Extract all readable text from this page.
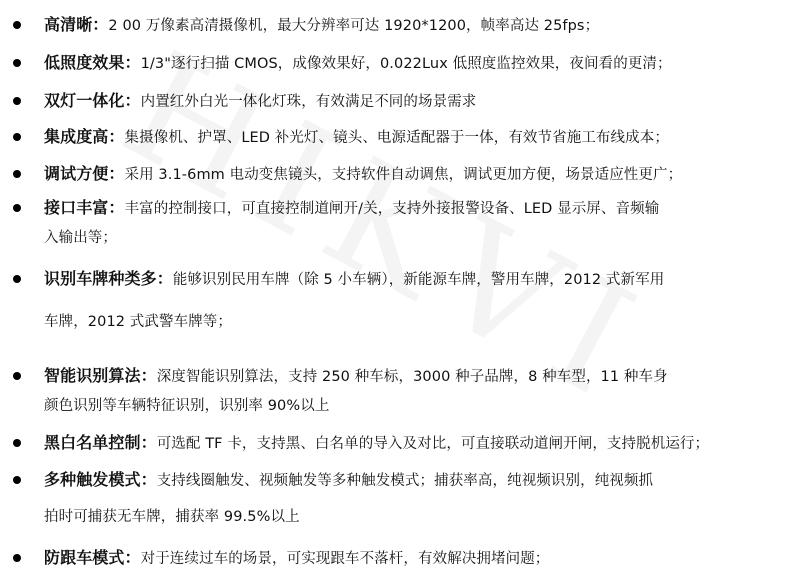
高清晰：2 00 万像素高清摄像机，最大分辨率可达 1920*1200，帧率高达 25fps；
低照度效果：1/3"逐行扫描 CMOS，成像效果好，0.022Lux 低照度监控效果，夜间看的更清；
双灯一体化：内置红外白光一体化灯珠，有效满足不同的场景需求
集成度高：集摄像机、护罩、LED 补光灯、镜头、电源适配器于一体，有效节省施工布线成本；
调试方便：采用 3.1-6mm 电动变焦镜头，支持软件自动调焦，调试更加方便，场景适应性更广；
接口丰富：丰富的控制接口，可直接控制道闸开/关，支持外接报警设备、LED 显示屏、音频输
入输出等；
识别车牌种类多：能够识别民用车牌（除 5 小车辆），新能源车牌，警用车牌，2012 式新军用
车牌，2012 式武警车牌等；
智能识别算法：深度智能识别算法，支持 250 种车标，3000 种子品牌，8 种车型，11 种车身
颜色识别等车辆特征识别，识别率 90%以上
黑白名单控制：可选配 TF 卡，支持黑、白名单的导入及对比，可直接联动道闸开闸，支持脱机运行；
多种触发模式：支持线圈触发、视频触发等多种触发模式；捕获率高，纯视频识别，纯视频抓
拍时可捕获无车牌，捕获率 99.5%以上
防跟车模式：对于连续过车的场景，可实现跟车不落杆，有效解决拥堵问题；
